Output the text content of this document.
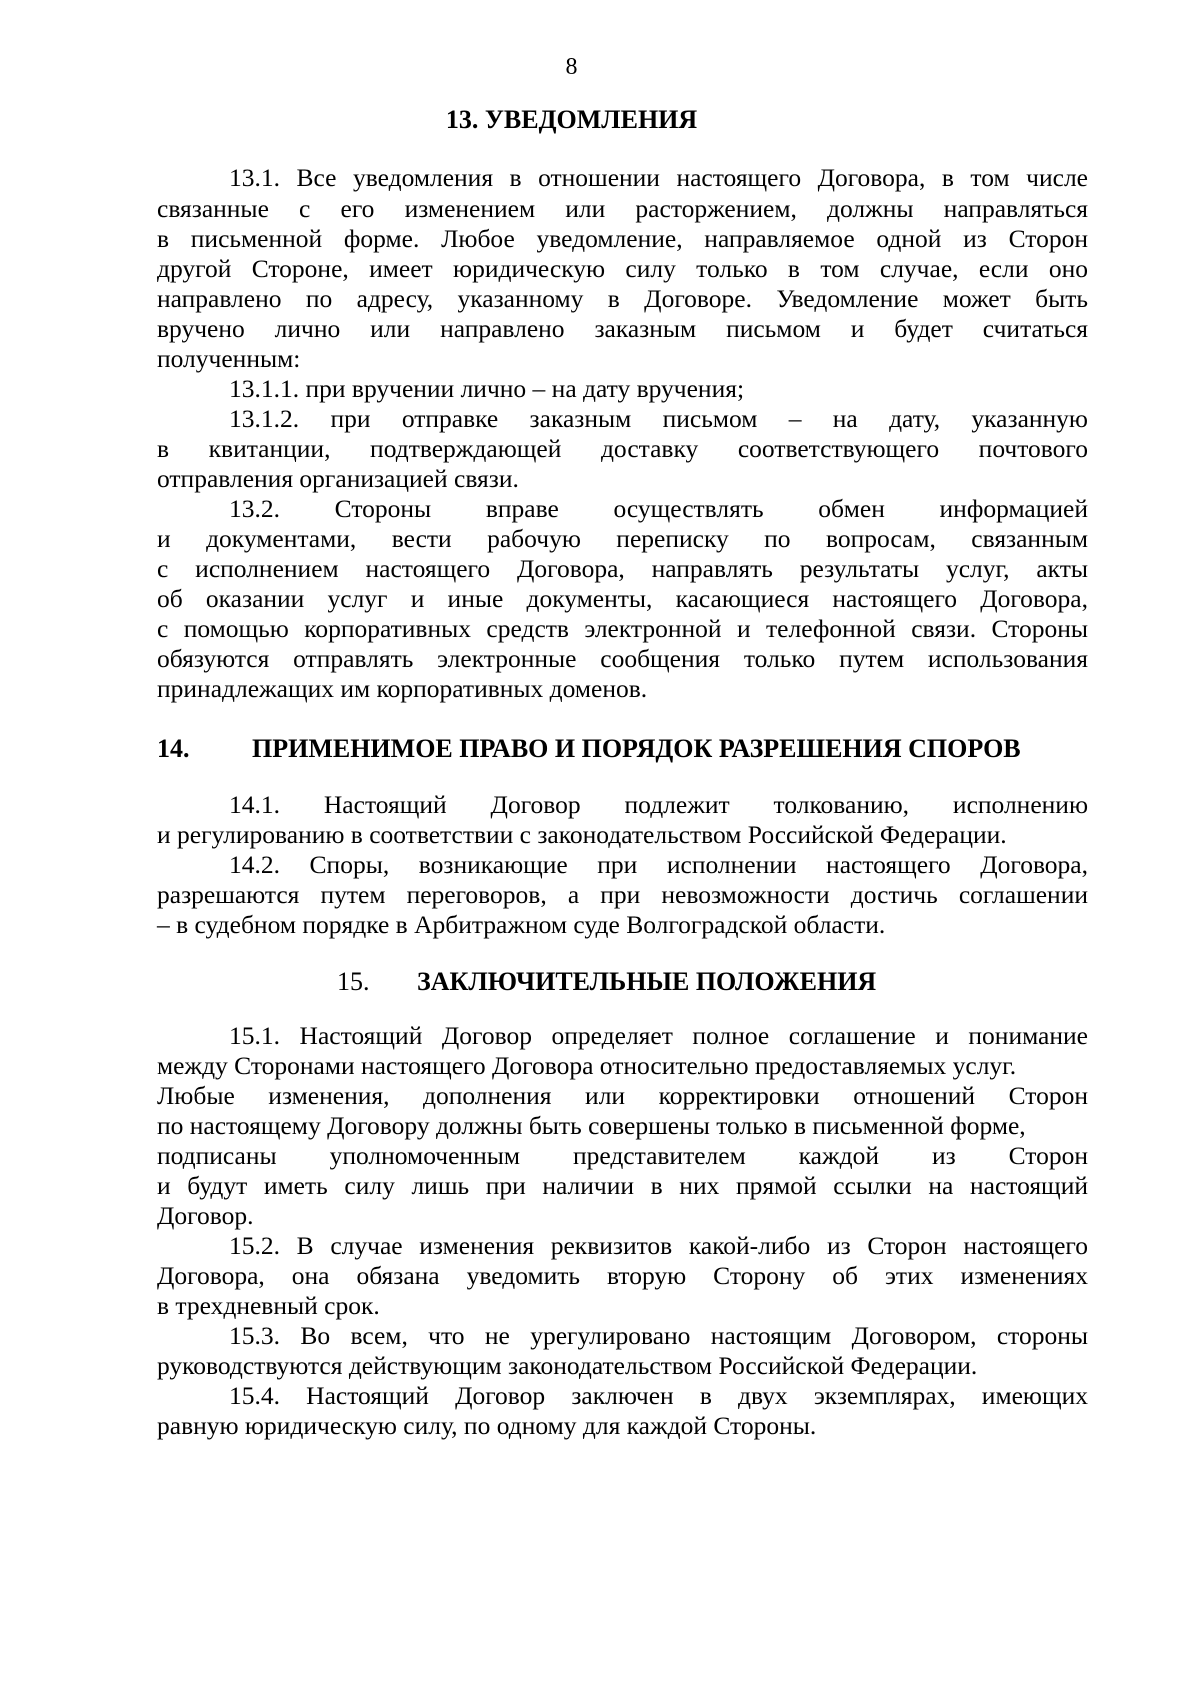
8
13. УВЕДОМЛЕНИЯ
13.1. Все уведомления в отношении настоящего Договора, в том числе
связанные с его изменением или расторжением, должны направляться
в письменной форме. Любое уведомление, направляемое одной из Сторон
другой Стороне, имеет юридическую силу только в том случае, если оно
направлено по адресу, указанному в Договоре. Уведомление может быть
вручено лично или направлено заказным письмом и будет считаться
полученным:
13.1.1. при вручении лично – на дату вручения;
13.1.2. при отправке заказным письмом – на дату, указанную
в квитанции, подтверждающей доставку соответствующего почтового
отправления организацией связи.
13.2. Стороны вправе осуществлять обмен информацией
и документами, вести рабочую переписку по вопросам, связанным
с исполнением настоящего Договора, направлять результаты услуг, акты
об оказании услуг и иные документы, касающиеся настоящего Договора,
с помощью корпоративных средств электронной и телефонной связи. Стороны
обязуются отправлять электронные сообщения только путем использования
принадлежащих им корпоративных доменов.
14. ПРИМЕНИМОЕ ПРАВО И ПОРЯДОК РАЗРЕШЕНИЯ СПОРОВ
14.1. Настоящий Договор подлежит толкованию, исполнению
и регулированию в соответствии с законодательством Российской Федерации.
14.2. Споры, возникающие при исполнении настоящего Договора,
разрешаются путем переговоров, а при невозможности достичь соглашении
– в судебном порядке в Арбитражном суде Волгоградской области.
15. ЗАКЛЮЧИТЕЛЬНЫЕ ПОЛОЖЕНИЯ
15.1. Настоящий Договор определяет полное соглашение и понимание
между Сторонами настоящего Договора относительно предоставляемых услуг.
Любые изменения, дополнения или корректировки отношений Сторон
по настоящему Договору должны быть совершены только в письменной форме,
подписаны уполномоченным представителем каждой из Сторон
и будут иметь силу лишь при наличии в них прямой ссылки на настоящий
Договор.
15.2. В случае изменения реквизитов какой-либо из Сторон настоящего
Договора, она обязана уведомить вторую Сторону об этих изменениях
в трехдневный срок.
15.3. Во всем, что не урегулировано настоящим Договором, стороны
руководствуются действующим законодательством Российской Федерации.
15.4. Настоящий Договор заключен в двух экземплярах, имеющих
равную юридическую силу, по одному для каждой Стороны.
